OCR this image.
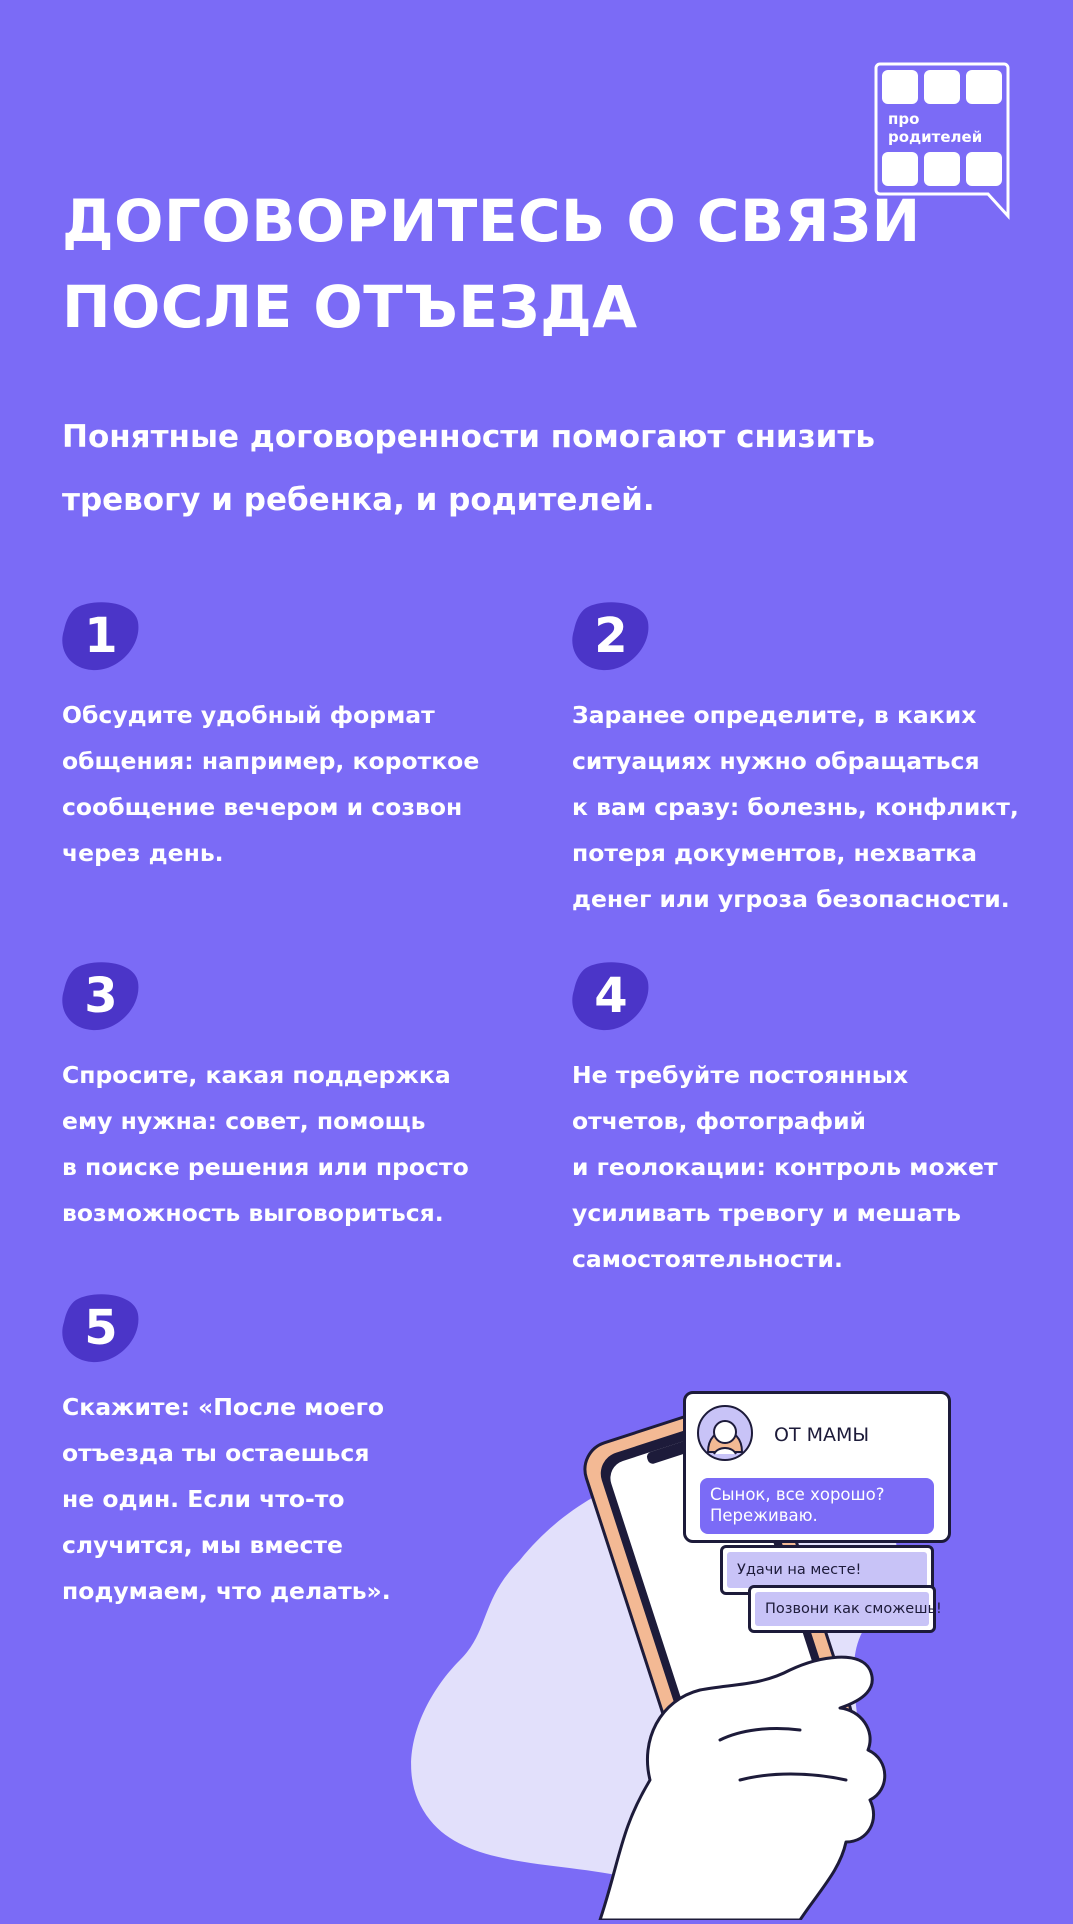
про
родителей
ДОГОВОРИТЕСЬ О СВЯЗИ
ПОСЛЕ ОТЪЕЗДА
Понятные договоренности помогают снизить
тревогу и ребенка, и родителей.
1
Обсудите удобный формат
общения: например, короткое
сообщение вечером и созвон
через день.
2
Заранее определите, в каких
ситуациях нужно обращаться
к вам сразу: болезнь, конфликт,
потеря документов, нехватка
денег или угроза безопасности.
3
Спросите, какая поддержка
ему нужна: совет, помощь
в поиске решения или просто
возможность выговориться.
4
Не требуйте постоянных
отчетов, фотографий
и геолокации: контроль может
усиливать тревогу и мешать
самостоятельности.
5
Скажите: «После моего
отъезда ты остаешься
не один. Если что-то
случится, мы вместе
подумаем, что делать».
ОТ МАМЫ
Сынок, все хорошо?
Переживаю.
Удачи на месте!
Позвони как сможешь!
